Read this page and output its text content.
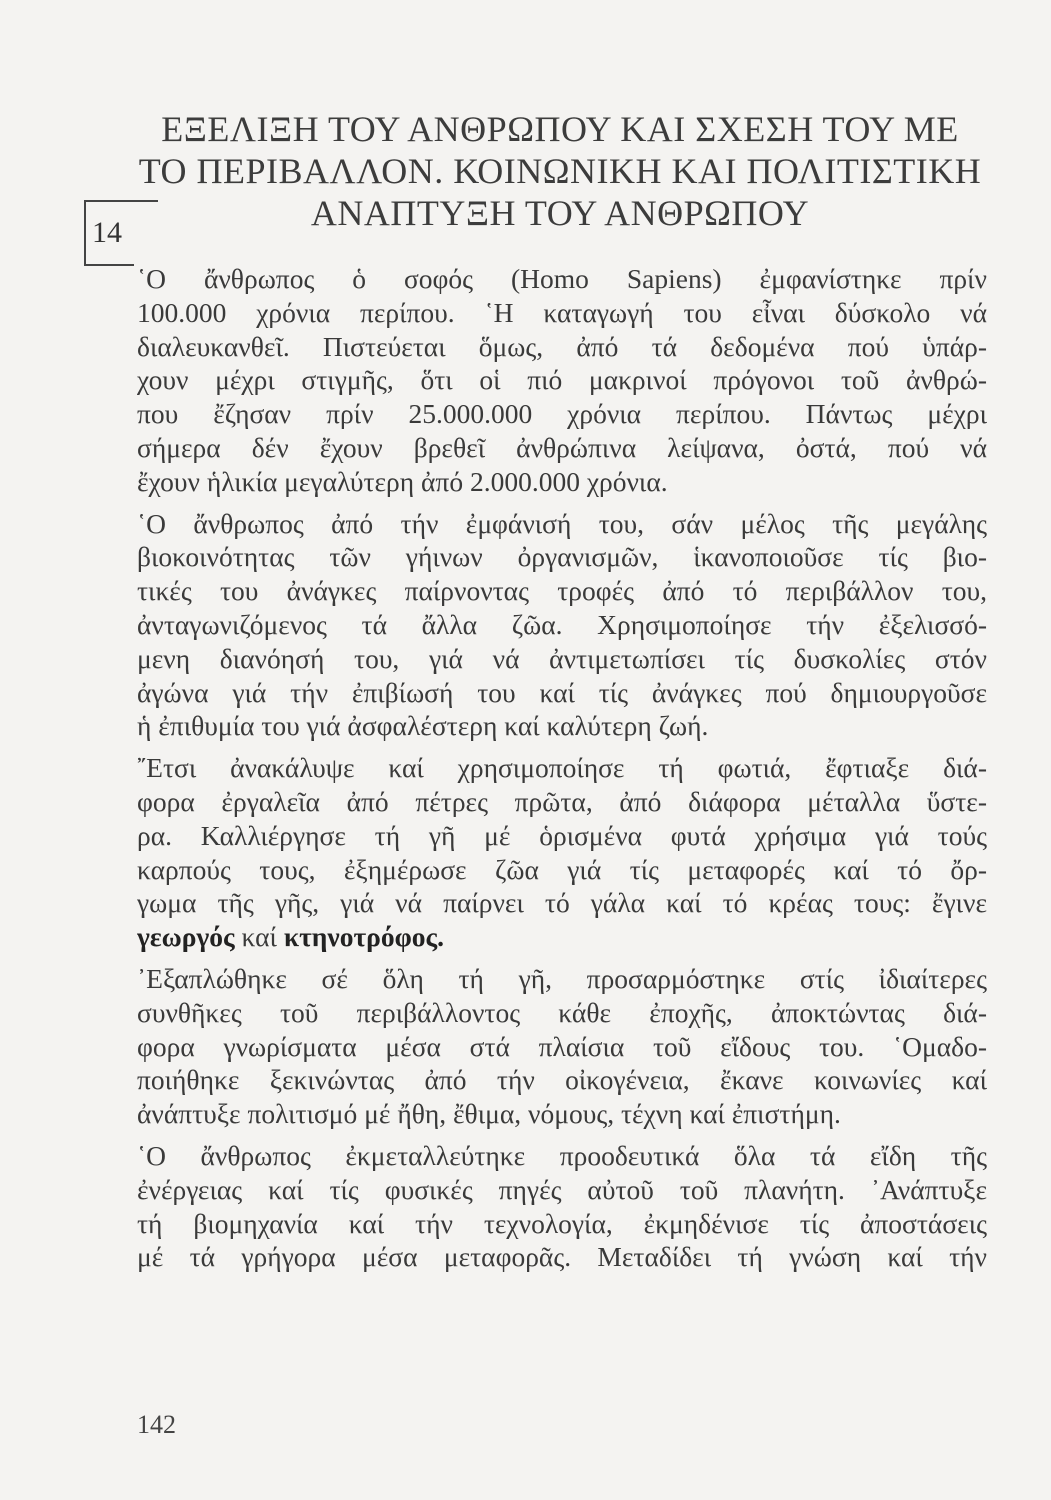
ΕΞΕΛΙΞΗ ΤΟΥ ΑΝΘΡΩΠΟΥ ΚΑΙ ΣΧΕΣΗ ΤΟΥ ΜΕ
ΤΟ ΠΕΡΙΒΑΛΛΟΝ. ΚΟΙΝΩΝΙΚΗ ΚΑΙ ΠΟΛΙΤΙΣΤΙΚΗ
ΑΝΑΠΤΥΞΗ ΤΟΥ ΑΝΘΡΩΠΟΥ
14

῾Ο ἄνθρωπος ὁ σοφός (Homo Sapiens) ἐμφανίστηκε πρίν
100.000 χρόνια περίπου. ῾Η καταγωγή του εἶναι δύσκολο νά
διαλευκανθεῖ. Πιστεύεται ὅμως, ἀπό τά δεδομένα πού ὑπάρ-
χουν μέχρι στιγμῆς, ὅτι οἱ πιό μακρινοί πρόγονοι τοῦ ἀνθρώ-
που ἔζησαν πρίν 25.000.000 χρόνια περίπου. Πάντως μέχρι
σήμερα δέν ἔχουν βρεθεῖ ἀνθρώπινα λείψανα, ὀστά, πού νά
ἔχουν ἡλικία μεγαλύτερη ἀπό 2.000.000 χρόνια.

῾Ο ἄνθρωπος ἀπό τήν ἐμφάνισή του, σάν μέλος τῆς μεγάλης
βιοκοινότητας τῶν γήινων ὀργανισμῶν, ἱκανοποιοῦσε τίς βιο-
τικές του ἀνάγκες παίρνοντας τροφές ἀπό τό περιβάλλον του,
ἀνταγωνιζόμενος τά ἄλλα ζῶα. Χρησιμοποίησε τήν ἐξελισσό-
μενη διανόησή του, γιά νά ἀντιμετωπίσει τίς δυσκολίες στόν
ἀγώνα γιά τήν ἐπιβίωσή του καί τίς ἀνάγκες πού δημιουργοῦσε
ἡ ἐπιθυμία του γιά ἀσφαλέστερη καί καλύτερη ζωή.

῎Ετσι ἀνακάλυψε καί χρησιμοποίησε τή φωτιά, ἔφτιαξε διά-
φορα ἐργαλεῖα ἀπό πέτρες πρῶτα, ἀπό διάφορα μέταλλα ὕστε-
ρα. Καλλιέργησε τή γῆ μέ ὁρισμένα φυτά χρήσιμα γιά τούς
καρπούς τους, ἐξημέρωσε ζῶα γιά τίς μεταφορές καί τό ὄρ-
γωμα τῆς γῆς, γιά νά παίρνει τό γάλα καί τό κρέας τους: ἔγινε
γεωργός καί κτηνοτρόφος.

᾿Εξαπλώθηκε σέ ὅλη τή γῆ, προσαρμόστηκε στίς ἰδιαίτερες
συνθῆκες τοῦ περιβάλλοντος κάθε ἐποχῆς, ἀποκτώντας διά-
φορα γνωρίσματα μέσα στά πλαίσια τοῦ εἴδους του. ῾Ομαδο-
ποιήθηκε ξεκινώντας ἀπό τήν οἰκογένεια, ἔκανε κοινωνίες καί
ἀνάπτυξε πολιτισμό μέ ἤθη, ἔθιμα, νόμους, τέχνη καί ἐπιστήμη.

῾Ο ἄνθρωπος ἐκμεταλλεύτηκε προοδευτικά ὅλα τά εἴδη τῆς
ἐνέργειας καί τίς φυσικές πηγές αὐτοῦ τοῦ πλανήτη. ᾿Ανάπτυξε
τή βιομηχανία καί τήν τεχνολογία, ἐκμηδένισε τίς ἀποστάσεις
μέ τά γρήγορα μέσα μεταφορᾶς. Μεταδίδει τή γνώση καί τήν

142
